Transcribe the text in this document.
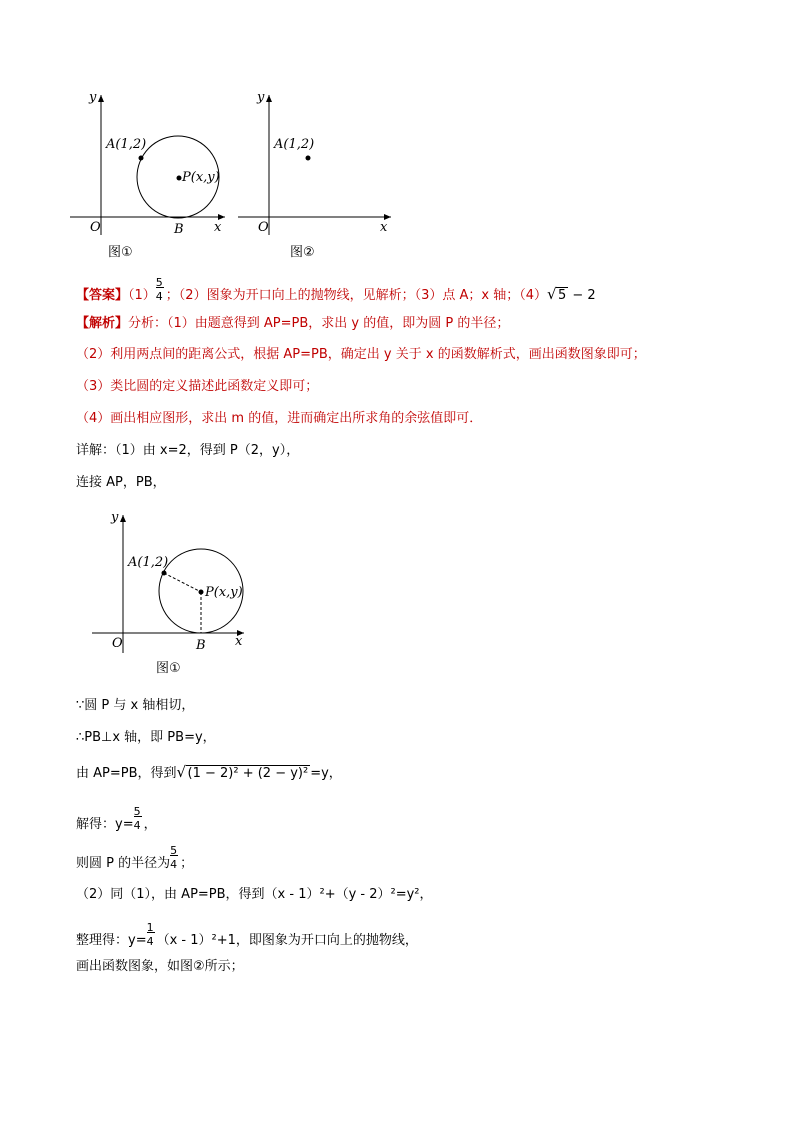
y
A(1,2)
P(x,y)
O	B x
图①
y
A(1,2)
O	x
图②
【答案】$(1) \frac{5}{4}$ ；（2）图象为开口向上的抛物线，见解析；（3）点 A；x 轴；（4） √ 5 − 2
【解析】分析：（1）由题意得到 AP=PB，求出 y 的值，即为圆 P 的半径；
（2）利用两点间的距离公式，根据 AP=PB，确定出 y 关于 x 的函数解析式，画出函数图象即可；
（3）类比圆的定义描述此函数定义即可；
（4）画出相应图形，求出 m 的值，进而确定出所求角的余弦值即可．
详解：（1）由 x=2，得到 P（2，y），
连接 AP，PB，
y
A(1,2)
P(x,y)
O	B x
图①
∵圆 P 与 x 轴相切，
∴PB⊥x 轴，即 PB=y，
由 AP=PB，得到 √ (1 − 2)² + (2 − y)² =y，
解得：$y= \frac{5}{4}$ ，
则圆 P 的半径为 $\frac{5}{4}$ ；
（2）同（1），由 AP=PB，得到（x - 1）²+（y - 2）²=y²，
整理得：$y= \frac{1}{4} (x - 1)^2+1$，即图象为开口向上的抛物线，
画出函数图象，如图②所示；
